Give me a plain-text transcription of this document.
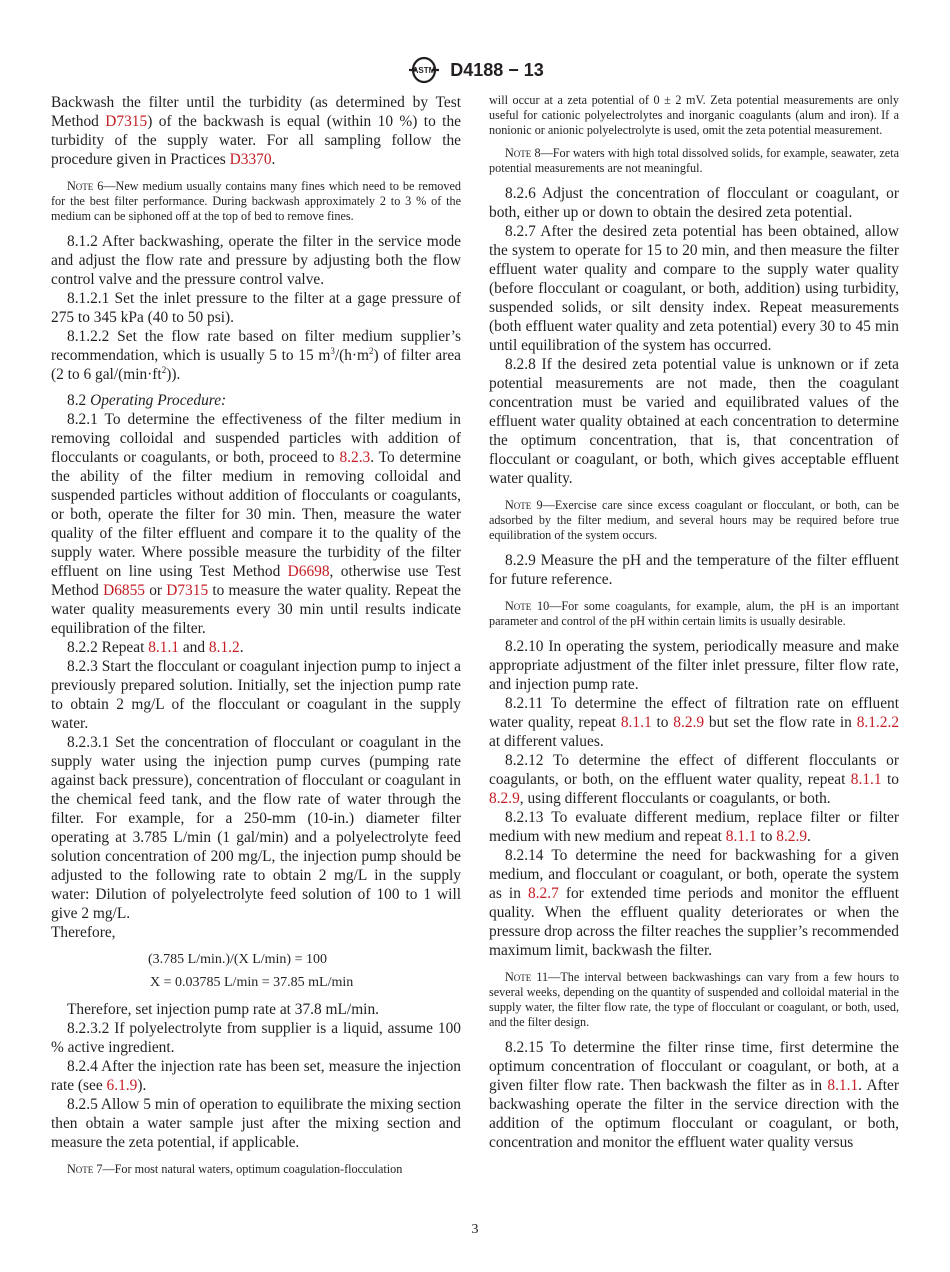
ASTM D4188 − 13

Backwash the filter until the turbidity (as determined by Test Method D7315) of the backwash is equal (within 10 %) to the turbidity of the supply water. For all sampling follow the procedure given in Practices D3370.

Note 6—New medium usually contains many fines which need to be removed for the best filter performance. During backwash approximately 2 to 3 % of the medium can be siphoned off at the top of bed to remove fines.

8.1.2 After backwashing, operate the filter in the service mode and adjust the flow rate and pressure by adjusting both the flow control valve and the pressure control valve.

8.1.2.1 Set the inlet pressure to the filter at a gage pressure of 275 to 345 kPa (40 to 50 psi).

8.1.2.2 Set the flow rate based on filter medium supplier’s recommendation, which is usually 5 to 15 $m^3/(h\cdot m^2)$ of filter area (2 to 6 gal/$(\min\cdot ft^2)$).

8.2 Operating Procedure:

8.2.1 To determine the effectiveness of the filter medium in removing colloidal and suspended particles with addition of flocculants or coagulants, or both, proceed to 8.2.3. To determine the ability of the filter medium in removing colloidal and suspended particles without addition of flocculants or coagulants, or both, operate the filter for 30 min. Then, measure the water quality of the filter effluent and compare it to the quality of the supply water. Where possible measure the turbidity of the filter effluent on line using Test Method D6698, otherwise use Test Method D6855 or D7315 to measure the water quality. Repeat the water quality measurements every 30 min until results indicate equilibration of the filter.

8.2.2 Repeat 8.1.1 and 8.1.2.

8.2.3 Start the flocculant or coagulant injection pump to inject a previously prepared solution. Initially, set the injection pump rate to obtain 2 mg/L of the flocculant or coagulant in the supply water.

8.2.3.1 Set the concentration of flocculant or coagulant in the supply water using the injection pump curves (pumping rate against back pressure), concentration of flocculant or coagulant in the chemical feed tank, and the flow rate of water through the filter. For example, for a 250-mm (10-in.) diameter filter operating at 3.785 L/min (1 gal/min) and a polyelectrolyte feed solution concentration of 200 mg/L, the injection pump should be adjusted to the following rate to obtain 2 mg/L in the supply water: Dilution of polyelectrolyte feed solution of 100 to 1 will give 2 mg/L.

Therefore,

(3.785 L/min.)/(X L/min) = 100

X = 0.03785 L/min = 37.85 mL/min

Therefore, set injection pump rate at 37.8 mL/min.

8.2.3.2 If polyelectrolyte from supplier is a liquid, assume 100 % active ingredient.

8.2.4 After the injection rate has been set, measure the injection rate (see 6.1.9).

8.2.5 Allow 5 min of operation to equilibrate the mixing section then obtain a water sample just after the mixing section and measure the zeta potential, if applicable.

Note 7—For most natural waters, optimum coagulation-flocculation

will occur at a zeta potential of 0 ± 2 mV. Zeta potential measurements are only useful for cationic polyelectrolytes and inorganic coagulants (alum and iron). If a nonionic or anionic polyelectrolyte is used, omit the zeta potential measurement.

Note 8—For waters with high total dissolved solids, for example, seawater, zeta potential measurements are not meaningful.

8.2.6 Adjust the concentration of flocculant or coagulant, or both, either up or down to obtain the desired zeta potential.

8.2.7 After the desired zeta potential has been obtained, allow the system to operate for 15 to 20 min, and then measure the filter effluent water quality and compare to the supply water quality (before flocculant or coagulant, or both, addition) using turbidity, suspended solids, or silt density index. Repeat measurements (both effluent water quality and zeta potential) every 30 to 45 min until equilibration of the system has occurred.

8.2.8 If the desired zeta potential value is unknown or if zeta potential measurements are not made, then the coagulant concentration must be varied and equilibrated values of the effluent water quality obtained at each concentration to determine the optimum concentration, that is, that concentration of flocculant or coagulant, or both, which gives acceptable effluent water quality.

Note 9—Exercise care since excess coagulant or flocculant, or both, can be adsorbed by the filter medium, and several hours may be required before true equilibration of the system occurs.

8.2.9 Measure the pH and the temperature of the filter effluent for future reference.

Note 10—For some coagulants, for example, alum, the pH is an important parameter and control of the pH within certain limits is usually desirable.

8.2.10 In operating the system, periodically measure and make appropriate adjustment of the filter inlet pressure, filter flow rate, and injection pump rate.

8.2.11 To determine the effect of filtration rate on effluent water quality, repeat 8.1.1 to 8.2.9 but set the flow rate in 8.1.2.2 at different values.

8.2.12 To determine the effect of different flocculants or coagulants, or both, on the effluent water quality, repeat 8.1.1 to 8.2.9, using different flocculants or coagulants, or both.

8.2.13 To evaluate different medium, replace filter or filter medium with new medium and repeat 8.1.1 to 8.2.9.

8.2.14 To determine the need for backwashing for a given medium, and flocculant or coagulant, or both, operate the system as in 8.2.7 for extended time periods and monitor the effluent quality. When the effluent quality deteriorates or when the pressure drop across the filter reaches the supplier’s recommended maximum limit, backwash the filter.

Note 11—The interval between backwashings can vary from a few hours to several weeks, depending on the quantity of suspended and colloidal material in the supply water, the filter flow rate, the type of flocculant or coagulant, or both, used, and the filter design.

8.2.15 To determine the filter rinse time, first determine the optimum concentration of flocculant or coagulant, or both, at a given filter flow rate. Then backwash the filter as in 8.1.1. After backwashing operate the filter in the service direction with the addition of the optimum flocculant or coagulant, or both, concentration and monitor the effluent water quality versus

3
